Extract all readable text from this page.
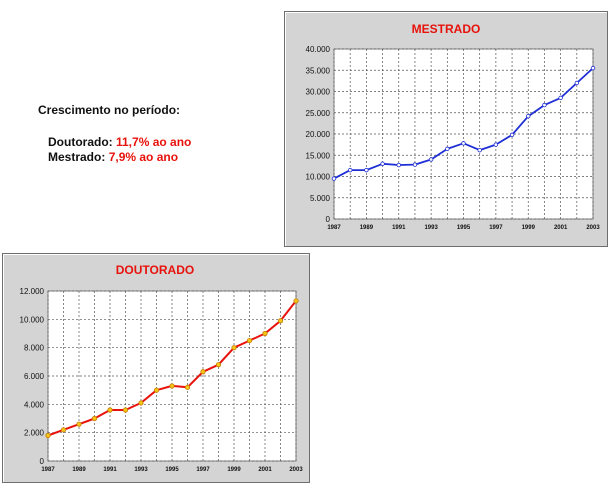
Crescimento no período:
Doutorado: 11,7% ao ano
Mestrado: 7,9% ao ano
MESTRADO
0
5.000
10.000
15.000
20.000
25.000
30.000
35.000
40.000
1987	1989	1991	1993	1995	1997	1999	2001	2003
DOUTORADO
0
2.000
4.000
6.000
8.000
10.000
12.000
1987	1989	1991	1993	1995	1997	1999	2001	2003
